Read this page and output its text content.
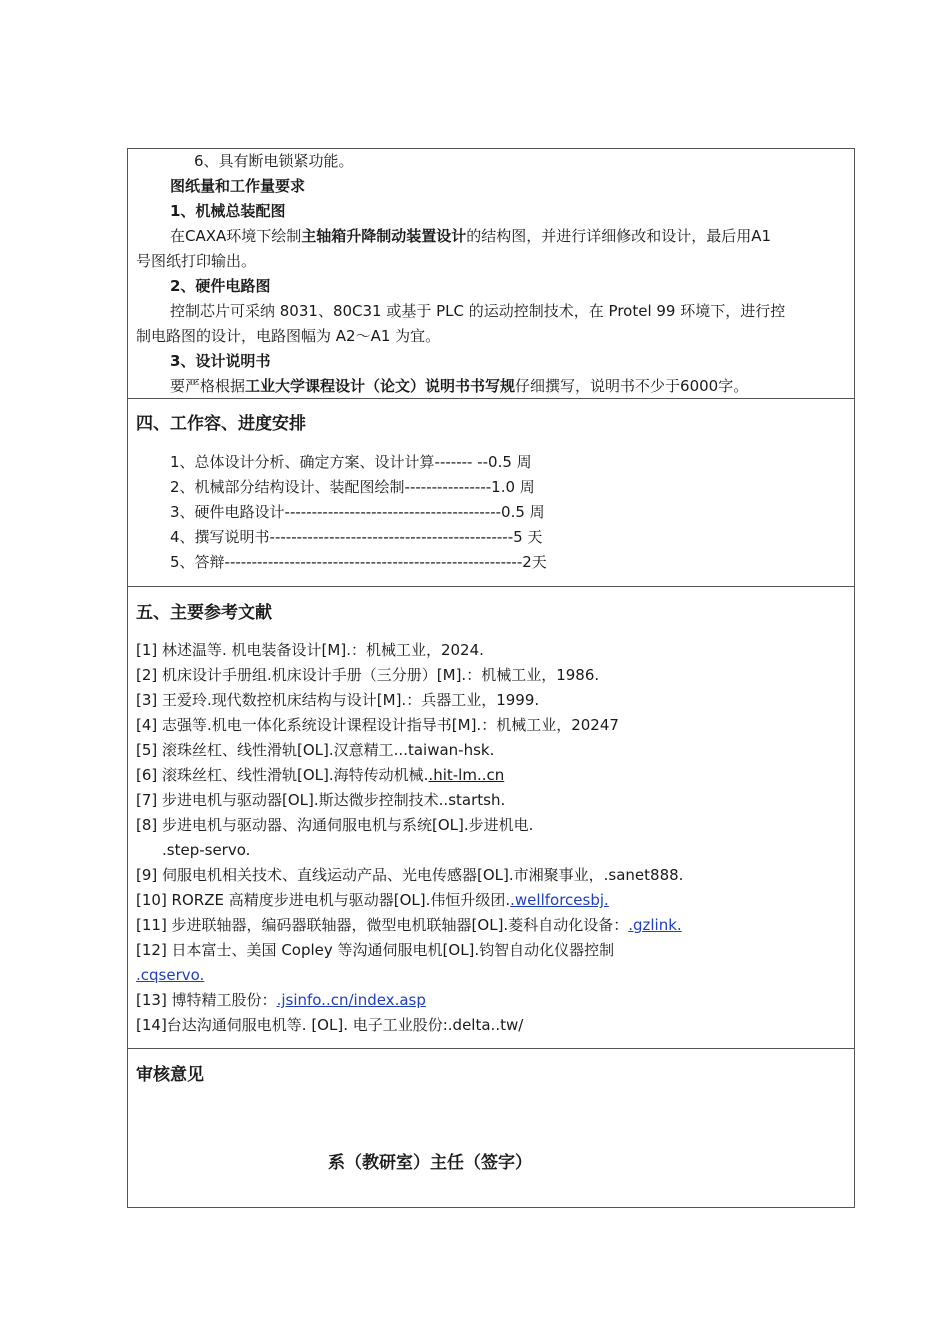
6、具有断电锁紧功能。
图纸量和工作量要求
1、机械总装配图
在CAXA环境下绘制主轴箱升降制动装置设计的结构图，并进行详细修改和设计，最后用A1
号图纸打印输出。
2、硬件电路图
控制芯片可采纳 8031、80C31 或基于 PLC 的运动控制技术，在 Protel 99 环境下，进行控
制电路图的设计，电路图幅为 A2～A1 为宜。
3、设计说明书
要严格根据工业大学课程设计（论文）说明书书写规仔细撰写，说明书不少于6000字。
四、工作容、进度安排
1、总体设计分析、确定方案、设计计算------- --0.5 周
2、机械部分结构设计、装配图绘制----------------1.0 周
3、硬件电路设计----------------------------------------0.5 周
4、撰写说明书---------------------------------------------5 天
5、答辩-------------------------------------------------------2天
五、主要参考文献
[1] 林述温等. 机电装备设计[M].：机械工业，2024.
[2] 机床设计手册组.机床设计手册（三分册）[M].：机械工业，1986.
[3] 王爱玲.现代数控机床结构与设计[M].：兵器工业，1999.
[4] 志强等.机电一体化系统设计课程设计指导书[M].：机械工业，20247
[5] 滚珠丝杠、线性滑轨[OL].汉意精工...taiwan-hsk.
[6] 滚珠丝杠、线性滑轨[OL].海特传动机械..hit-lm..cn
[7] 步进电机与驱动器[OL].斯达微步控制技术..startsh.
[8] 步进电机与驱动器、沟通伺服电机与系统[OL].步进机电.
.step-servo.
[9] 伺服电机相关技术、直线运动产品、光电传感器[OL].市湘聚事业，.sanet888.
[10] RORZE 高精度步进电机与驱动器[OL].伟恒升级团..wellforcesbj.
[11] 步进联轴器，编码器联轴器，微型电机联轴器[OL].菱科自动化设备：.gzlink.
[12] 日本富士、美国 Copley 等沟通伺服电机[OL].钧智自动化仪器控制
.cqservo.
[13] 博特精工股份：.jsinfo..cn/index.asp
[14]台达沟通伺服电机等. [OL]. 电子工业股份:.delta..tw/
审核意见
系（教研室）主任（签字）
